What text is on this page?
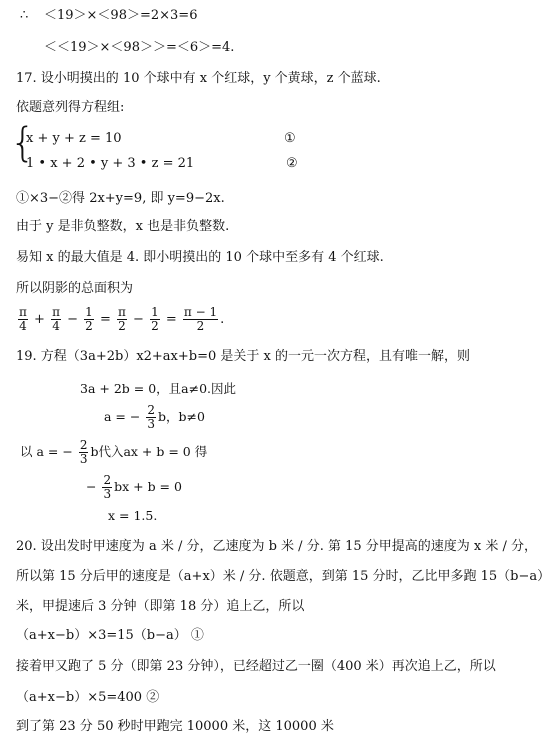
∴ ＜19＞×＜98＞=2×3=6
＜＜19＞×＜98＞＞=＜6＞=4.
17. 设小明摸出的 10 个球中有 x 个红球，y 个黄球，z 个蓝球.
依题意列得方程组:
{
x + y + z = 10	①
1 • x + 2 • y + 3 • z = 21	②
①×3−②得 2x+y=9, 即 y=9−2x.
由于 y 是非负整数，x 也是非负整数.
易知 x 的最大值是 4. 即小明摸出的 10 个球中至多有 4 个红球.
所以阴影的总面积为
$\frac{\pi}{4} + \frac{\pi}{4} - \frac{1}{2} = \frac{\pi}{2} - \frac{1}{2} = \frac{\pi - 1}{2}$ .
19. 方程（3a+2b）x2+ax+b=0 是关于 x 的一元一次方程，且有唯一解，则
3a + 2b = 0，且a≠0.因此
a = − $\frac{2}{3}$ b，b≠0
以 a = − $\frac{2}{3}$ b代入ax + b = 0 得
− $\frac{2}{3}$ bx + b = 0
x = 1.5.
20. 设出发时甲速度为 a 米 / 分，乙速度为 b 米 / 分. 第 15 分甲提高的速度为 x 米 / 分，
所以第 15 分后甲的速度是（a+x）米 / 分. 依题意，到第 15 分时，乙比甲多跑 15（b−a）
米，甲提速后 3 分钟（即第 18 分）追上乙，所以
（a+x−b）×3=15（b−a） ①
接着甲又跑了 5 分（即第 23 分钟），已经超过乙一圈（400 米）再次追上乙，所以
（a+x−b）×5=400 ②
到了第 23 分 50 秒时甲跑完 10000 米，这 10000 米
